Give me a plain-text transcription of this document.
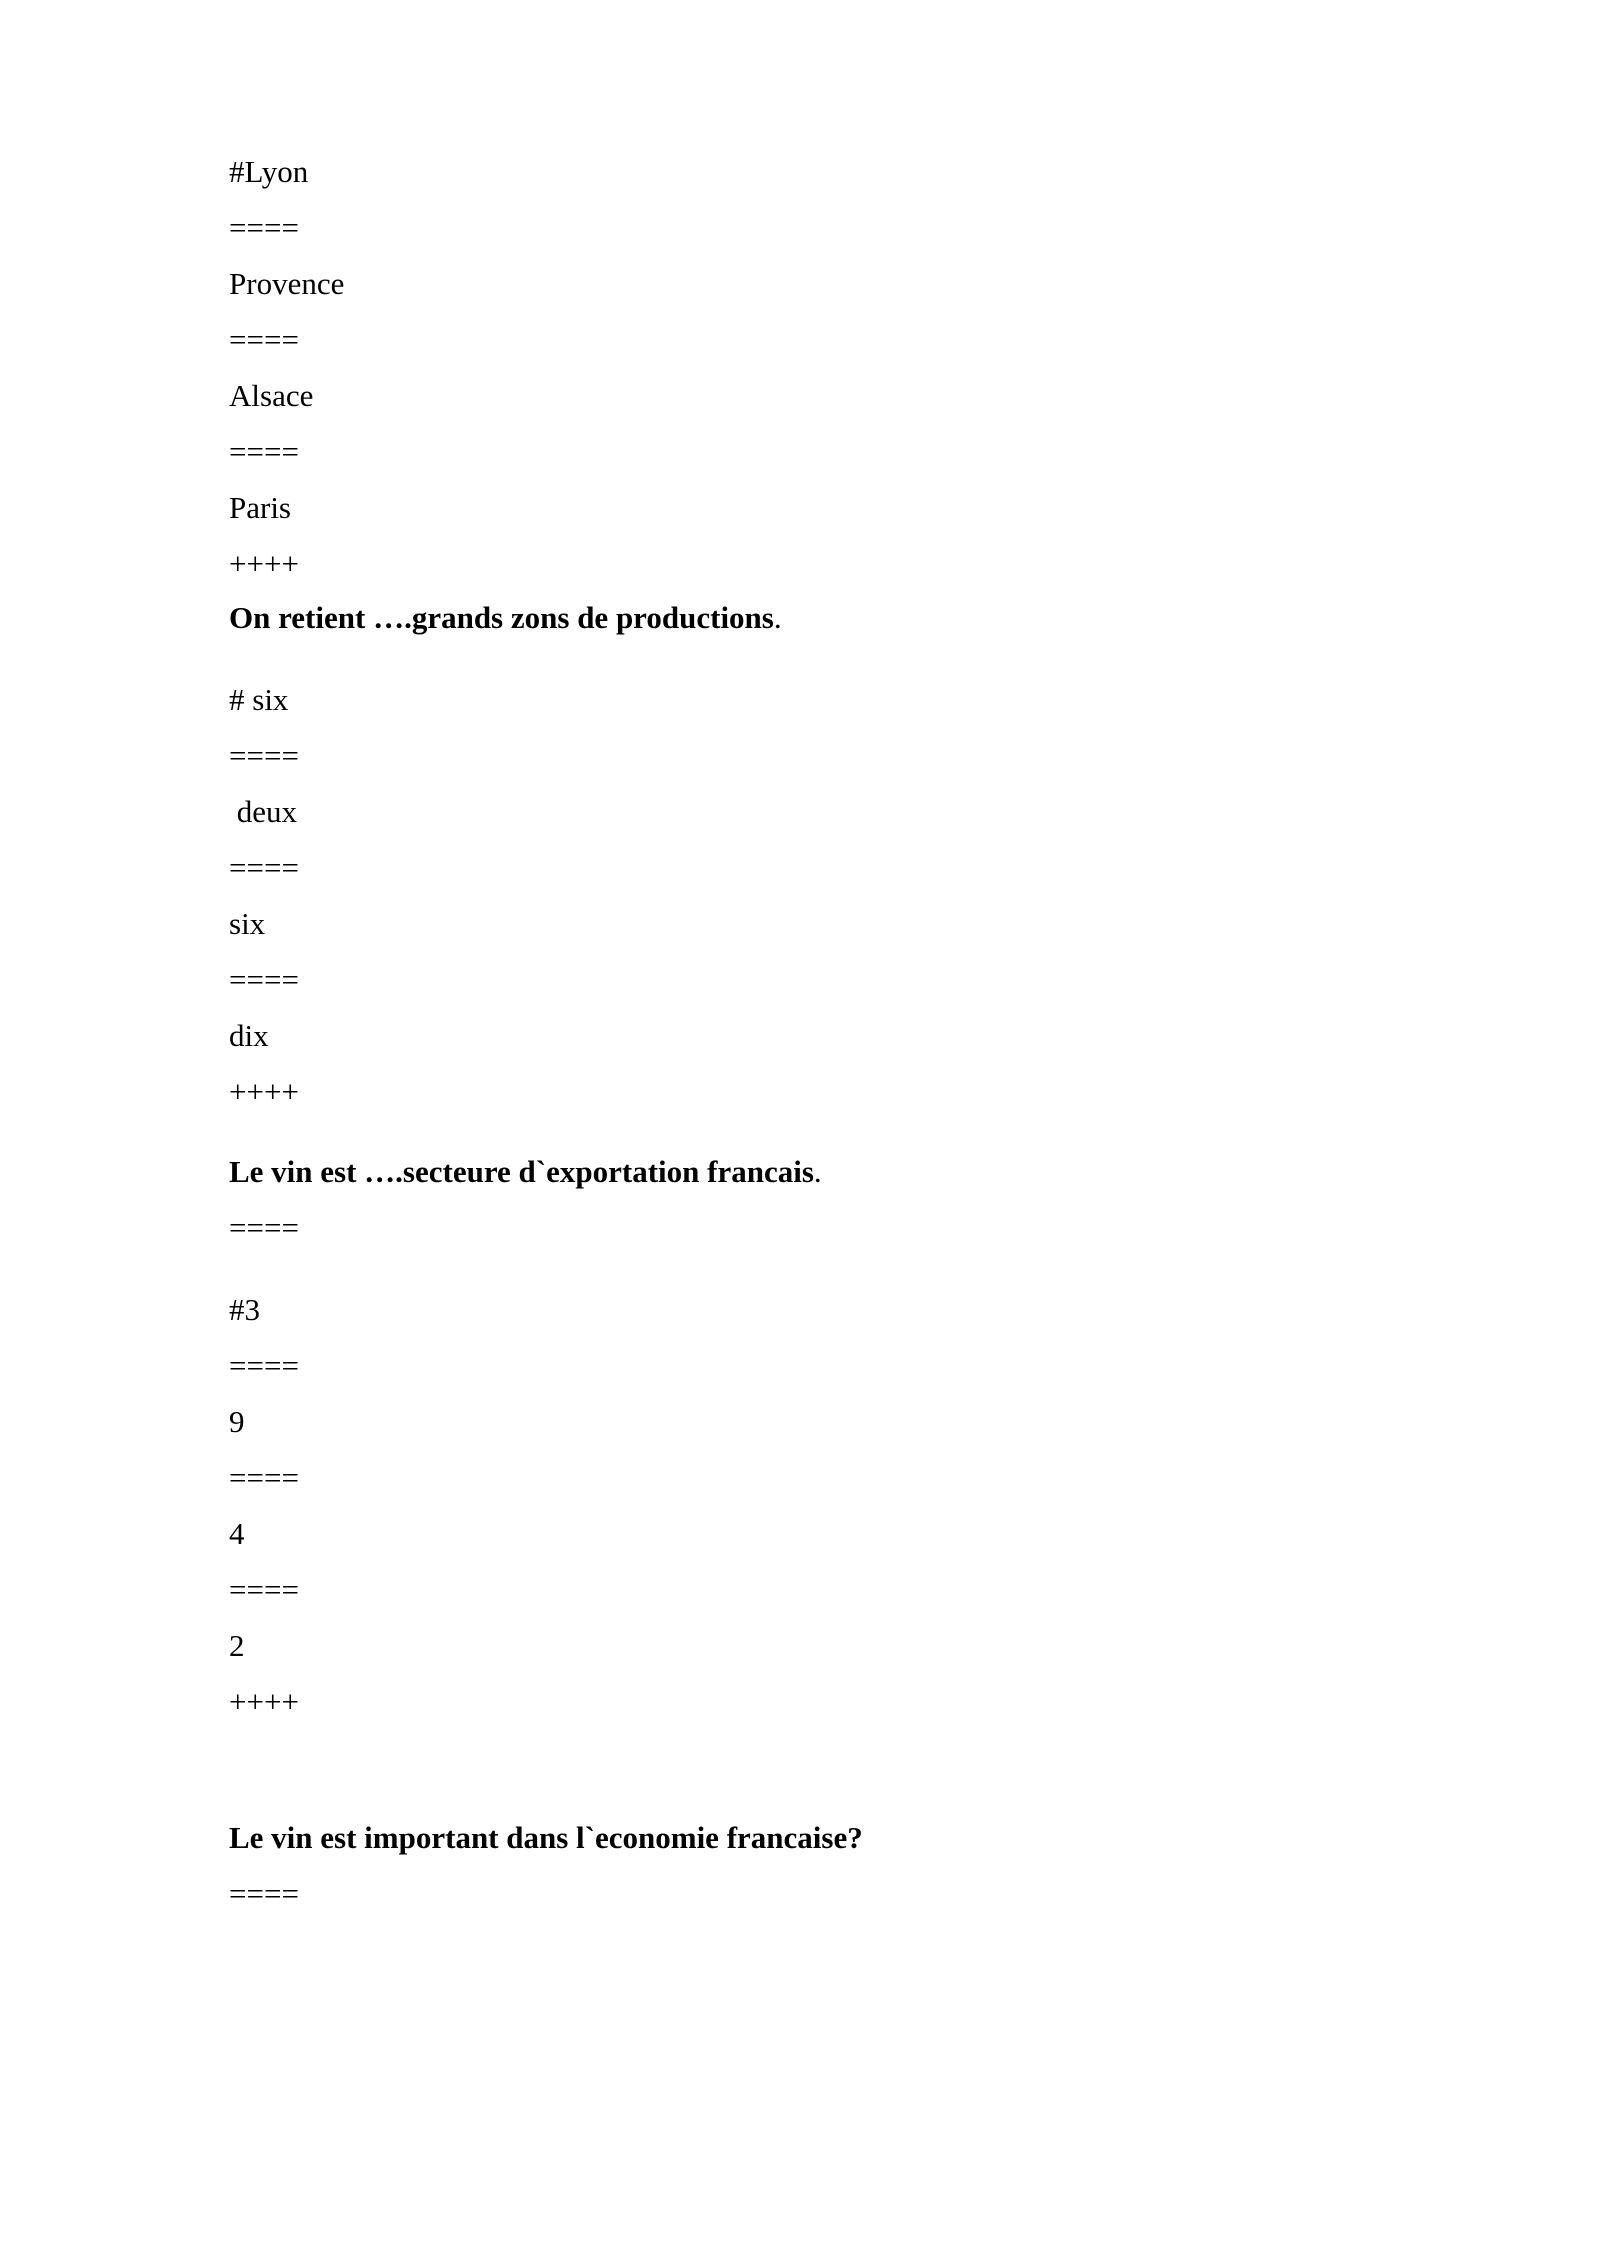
#Lyon

====

Provence

====

Alsace

====

Paris

++++

On retient ….grands zons de productions.

# six

====

deux

====

six

====

dix

++++

Le vin est ….secteure d`exportation francais.

====

#3

====

9

====

4

====

2

++++

Le vin est important dans l`economie francaise?

====
